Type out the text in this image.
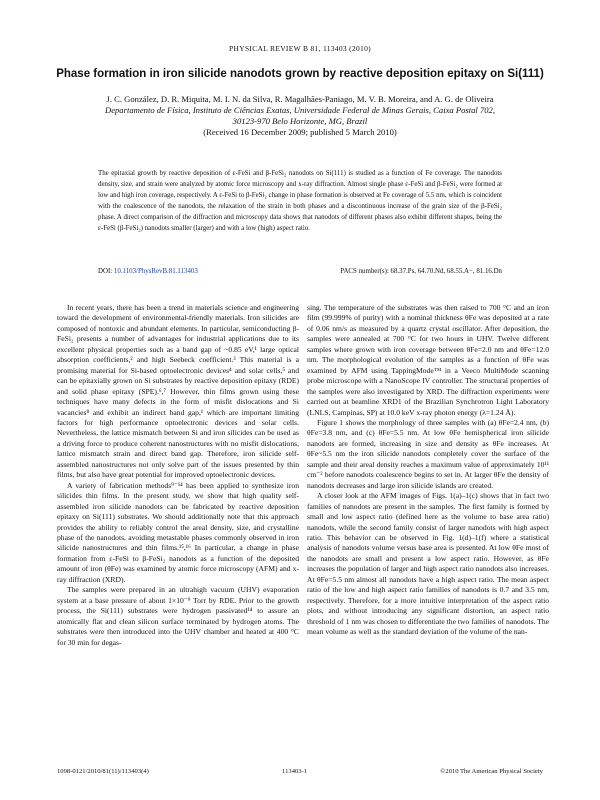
PHYSICAL REVIEW B 81, 113403 (2010)
Phase formation in iron silicide nanodots grown by reactive deposition epitaxy on Si(111)
J. C. González, D. R. Miquita, M. I. N. da Silva, R. Magalhães-Paniago, M. V. B. Moreira, and A. G. de Oliveira
Departamento de Física, Instituto de Ciências Exatas, Universidade Federal de Minas Gerais, Caixa Postal 702,
30123-970 Belo Horizonte, MG, Brazil
(Received 16 December 2009; published 5 March 2010)
The epitaxial growth by reactive deposition of ε-FeSi and β-FeSi₂ nanodots on Si(111) is studied as a function of Fe coverage. The nanodots density, size, and strain were analyzed by atomic force microscopy and x-ray diffraction. Almost single phase ε-FeSi and β-FeSi₂ were formed at low and high iron coverage, respectively. A ε-FeSi to β-FeSi₂ change in phase formation is observed at Fe coverage of 5.5 nm, which is coincident with the coalescence of the nanodots, the relaxation of the strain in both phases and a discontinuous increase of the grain size of the β-FeSi₂ phase. A direct comparison of the diffraction and microscopy data shows that nanodots of different phases also exhibit different shapes, being the ε-FeSi (β-FeSi₂) nanodots smaller (larger) and with a low (high) aspect ratio.
DOI: 10.1103/PhysRevB.81.113403	PACS number(s): 68.37.Ps, 64.70.Nd, 68.55.A−, 81.16.Dn

In recent years, there has been a trend in materials science and engineering toward the development of environmental-friendly materials. Iron silicides are composed of nontoxic and abundant elements. In particular, semiconducting β-FeSi₂ presents a number of advantages for industrial applications due to its excellent physical properties such as a band gap of ~0.85 eV,¹ large optical absorption coefficients,² and high Seebeck coefficient.³ This material is a promising material for Si-based optoelectronic devices⁴ and solar cells,⁵ and can be epitaxially grown on Si substrates by reactive deposition epitaxy (RDE) and solid phase epitaxy (SPE).⁶,⁷ However, thin films grown using these techniques have many defects in the form of misfit dislocations and Si vacancies⁸ and exhibit an indirect band gap,¹ which are important limiting factors for high performance optoelectronic devices and solar cells. Nevertheless, the lattice mismatch between Si and iron silicides can be used as a driving force to produce coherent nanostructures with no misfit dislocations, lattice mismatch strain and direct band gap. Therefore, iron silicide self-assembled nanostructures not only solve part of the issues presented by thin films, but also have great potential for improved optoelectronic devices.

A variety of fabrication methods⁹⁻¹⁴ has been applied to synthesize iron silicides thin films. In the present study, we show that high quality self-assembled iron silicide nanodots can be fabricated by reactive deposition epitaxy on Si(111) substrates. We should additionally note that this approach provides the ability to reliably control the areal density, size, and crystalline phase of the nanodots, avoiding metastable phases commonly observed in iron silicide nanostructures and thin films.¹⁵,¹⁶ In particular, a change in phase formation from ε-FeSi to β-FeSi₂ nanodots as a function of the deposited amount of iron (θFe) was examined by atomic force microscopy (AFM) and x-ray diffraction (XRD).

The samples were prepared in an ultrahigh vacuum (UHV) evaporation system at a base pressure of about 1×10⁻⁹ Torr by RDE. Prior to the growth process, the Si(111) substrates were hydrogen passivated¹⁴ to assure an atomically flat and clean silicon surface terminated by hydrogen atoms. The substrates were then introduced into the UHV chamber and heated at 400 °C for 30 min for degas-

sing. The temperature of the substrates was then raised to 700 °C and an iron film (99.999% of purity) with a nominal thickness θFe was deposited at a rate of 0.06 nm/s as measured by a quartz crystal oscillator. After deposition, the samples were annealed at 700 °C for two hours in UHV. Twelve different samples where grown with iron coverage between θFe=2.0 nm and θFe=12.0 nm. The morphological evolution of the samples as a function of θFe was examined by AFM using TappingMode™ in a Veeco MultiMode scanning probe microscope with a NanoScope IV controller. The structural properties of the samples were also investigated by XRD. The diffraction experiments were carried out at beamline XRD1 of the Brazilian Synchrotron Light Laboratory (LNLS, Campinas, SP) at 10.0 keV x-ray photon energy (λ=1.24 Å).

Figure 1 shows the morphology of three samples with (a) θFe=2.4 nm, (b) θFe=3.8 nm, and (c) θFe=5.5 nm. At low θFe hemispherical iron silicide nanodots are formed, increasing in size and density as θFe increases. At θFe~5.5 nm the iron silicide nanodots completely cover the surface of the sample and their areal density reaches a maximum value of approximately 10¹¹ cm⁻² before nanodots coalescence begins to set in. At larger θFe the density of nanodots decreases and large iron silicide islands are created.

A closer look at the AFM images of Figs. 1(a)–1(c) shows that in fact two families of nanodots are present in the samples. The first family is formed by small and low aspect ratio (defined here as the volume to base area ratio) nanodots, while the second family consist of larger nanodots with high aspect ratio. This behavior can be observed in Fig. 1(d)–1(f) where a statistical analysis of nanodots volume versus base area is presented. At low θFe most of the nanodots are small and present a low aspect ratio. However, as θFe increases the population of larger and high aspect ratio nanodots also increases. At θFe=5.5 nm almost all nanodots have a high aspect ratio. The mean aspect ratio of the low and high aspect ratio families of nanodots is 0.7 and 3.5 nm, respectively. Therefore, for a more intuitive interpretation of the aspect ratio plots, and without introducing any significant distortion, an aspect ratio threshold of 1 nm was chosen to differentiate the two families of nanodots. The mean volume as well as the standard deviation of the volume of the nan-

1098-0121/2010/81(11)/113403(4)	113403-1	©2010 The American Physical Society
